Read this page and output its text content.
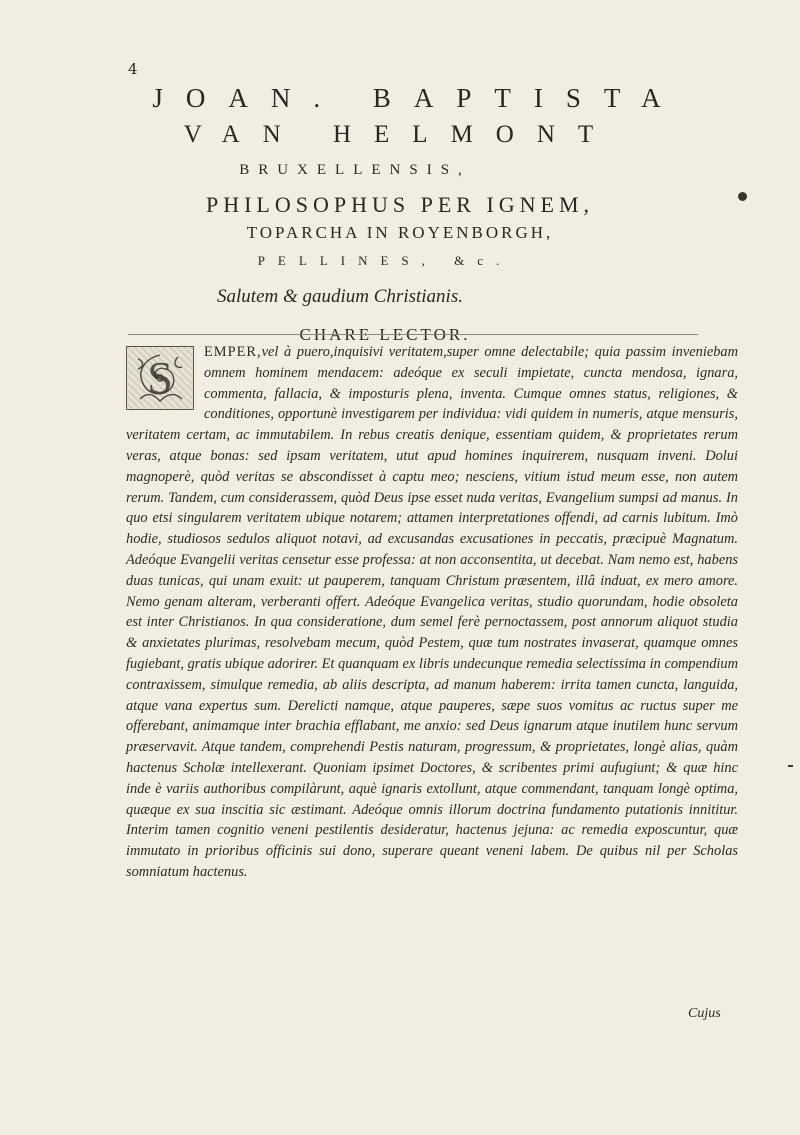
4
JOAN. BAPTISTA
VAN HELMONT
BRUXELLENSIS,
PHILOSOPHUS PER IGNEM,
TOPARCHA IN ROYENBORGH,
PELLINES, &c.
Salutem & gaudium Christianis.
CHARE LECTOR.
S	EMPER,vel à puero,inquisivi veritatem,super omne delectabile; quia passim inveniebam omnem hominem mendacem: adeóque ex seculi impietate, cuncta mendosa, ignara, commenta, fallacia, & imposturis plena, inventa. Cumque omnes status, religiones, & conditiones, opportunè investigarem per individua: vidi quidem in numeris, atque mensuris, veritatem certam, ac immutabilem. In rebus creatis denique, essentiam quidem, & proprietates rerum veras, atque bonas: sed ipsam veritatem, utut apud homines inquirerem, nusquam inveni. Dolui magnoperè, quòd veritas se abscondisset à captu meo; nesciens, vitium istud meum esse, non autem rerum. Tandem, cum considerassem, quòd Deus ipse esset nuda veritas, Evangelium sumpsi ad manus. In quo etsi singularem veritatem ubique notarem; attamen interpretationes offendi, ad carnis lubitum. Imò hodie, studiosos sedulos aliquot notavi, ad excusandas excusationes in peccatis, præcipuè Magnatum. Adeóque Evangelii veritas censetur esse professa: at non acconsentita, ut decebat. Nam nemo est, habens duas tunicas, qui unam exuit: ut pauperem, tanquam Christum præsentem, illâ induat, ex mero amore. Nemo genam alteram, verberanti offert. Adeóque Evangelica veritas, studio quorundam, hodie obsoleta est inter Christianos. In qua consideratione, dum semel ferè pernoctassem, post annorum aliquot studia & anxietates plurimas, resolvebam mecum, quòd Pestem, quæ tum nostrates invaserat, quamque omnes fugiebant, gratis ubique adorirer. Et quanquam ex libris undecunque remedia selectissima in compendium contraxissem, simulque remedia, ab aliis descripta, ad manum haberem: irrita tamen cuncta, languida, atque vana expertus sum. Derelicti namque, atque pauperes, sæpe suos vomitus ac ructus super me offerebant, animamque inter brachia efflabant, me anxio: sed Deus ignarum atque inutilem hunc servum præservavit. Atque tandem, comprehendi Pestis naturam, progressum, & proprietates, longè alias, quàm hactenus Scholæ intellexerant. Quoniam ipsimet Doctores, & scribentes primi aufugiunt; & quæ hinc inde è variis authoribus compilàrunt, aquè ignaris extollunt, atque commendant, tanquam longè optima, quæque ex sua inscitia sic æstimant. Adeóque omnis illorum doctrina fundamento putationis innititur. Interim tamen cognitio veneni pestilentis desideratur, hactenus jejuna: ac remedia exposcuntur, quæ immutato in prioribus officinis sui dono, superare queant veneni labem. De quibus nil per Scholas somniatum hactenus.
Cujus
